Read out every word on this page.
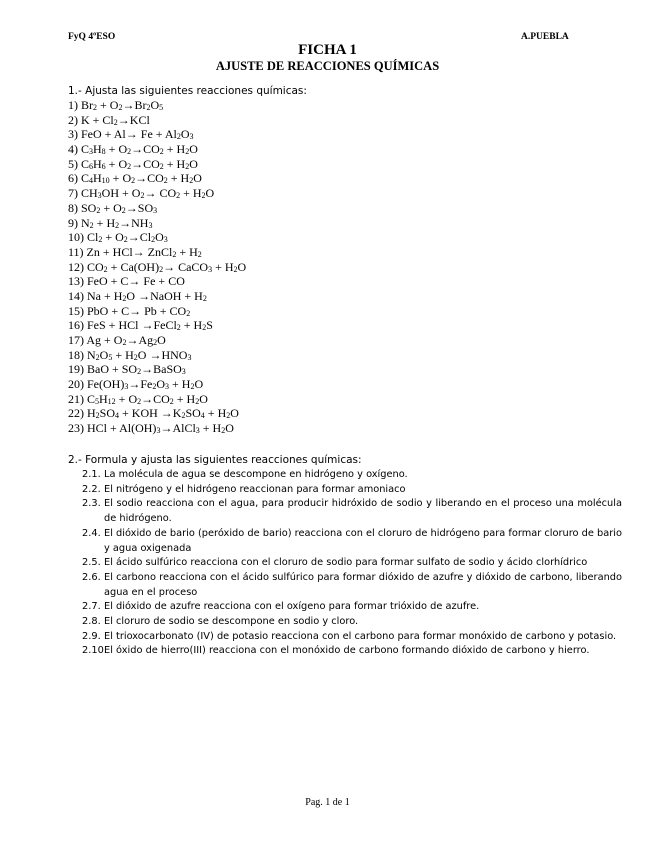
FyQ 4ºESO	A.PUEBLA
FICHA 1
AJUSTE DE REACCIONES QUÍMICAS
1.- Ajusta las siguientes reacciones químicas:
1) $Br_2 + O_2\to Br_2O_5$
2) $K + Cl_2\to KCl$
3) FeO + $Al\to Fe + Al_2O_3$
4) $C_3H_8 + O_2\to CO_2 + H_2O$
5) $C_6H_6 + O_2\to CO_2 + H_2O$
6) $C_4H_{10} + O_2\to CO_2 + H_2O$
7) $CH_3OH + O_2\to CO_2 + H_2O$
8) $SO_2 + O_2\to SO_3$
9) $N_2 + H_2\to NH_3$
10) $Cl_2 + O_2\to Cl_2O_3$
11) Zn + HCl→ ZnCl$_2$ + $H_2$
12) $CO_2 + Ca(OH)_2\to$ CaCO$_3$ + $H_2O$
13) FeO + C→ Fe + CO
14) $Na + H_2O$ →NaOH + $H_2$
15) PbO + $C\to Pb + CO_2$
16) FeS + HCl →FeCl$_2$ + $H_2S$
17) $Ag + O_2\to Ag_2O$
18) $N_2O_5 + H_2O \to HNO_3$
19) BaO + $SO_2\to BaSO_3$
20) $Fe(OH)_3\to Fe_2O_3 + H_2O$
21) $C_5H_{12} + O_2\to CO_2 + H_2O$
22) $H_2SO_4$ + KOH $\to K_2SO_4 + H_2O$
23) HCl + $Al(OH)_3\to AlCl_3 + H_2O$
2.- Formula y ajusta las siguientes reacciones químicas:
2.1. La molécula de agua se descompone en hidrógeno y oxígeno.
2.2. El nitrógeno y el hidrógeno reaccionan para formar amoniaco
2.3. El sodio reacciona con el agua, para producir hidróxido de sodio y liberando en el proceso una molécula de hidrógeno.
2.4. El dióxido de bario (peróxido de bario) reacciona con el cloruro de hidrógeno para formar cloruro de bario y agua oxigenada
2.5. El ácido sulfúrico reacciona con el cloruro de sodio para formar sulfato de sodio y ácido clorhídrico
2.6. El carbono reacciona con el ácido sulfúrico para formar dióxido de azufre y dióxido de carbono, liberando agua en el proceso
2.7. El dióxido de azufre reacciona con el oxígeno para formar trióxido de azufre.
2.8. El cloruro de sodio se descompone en sodio y cloro.
2.9. El trioxocarbonato (IV) de potasio reacciona con el carbono para formar monóxido de carbono y potasio.
2.10.
El óxido de hierro(III) reacciona con el monóxido de carbono formando dióxido de carbono y hierro.
Pag. 1 de 1
